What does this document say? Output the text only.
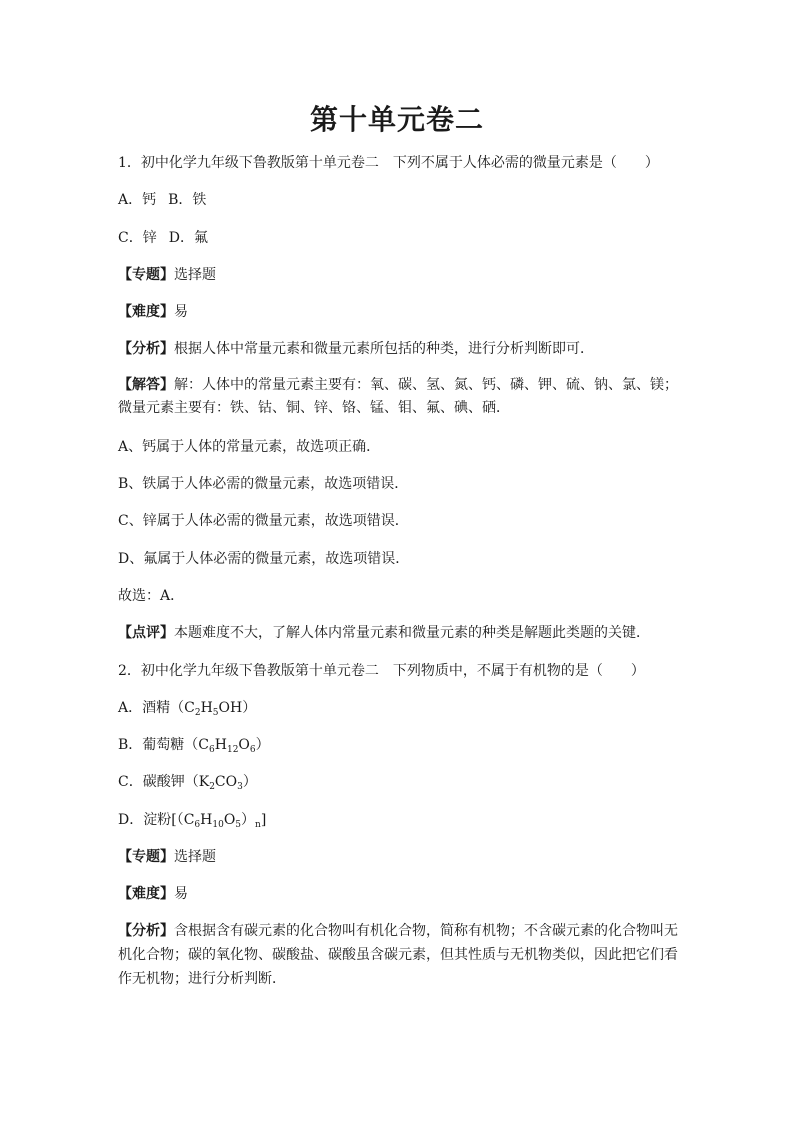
第十单元卷二
1．初中化学九年级下鲁教版第十单元卷二　下列不属于人体必需的微量元素是（　　）
A．钙 B．铁
C．锌 D．氟
【专题】选择题
【难度】易
【分析】根据人体中常量元素和微量元素所包括的种类，进行分析判断即可．
【解答】解：人体中的常量元素主要有：氧、碳、氢、氮、钙、磷、钾、硫、钠、氯、镁；微量元素主要有：铁、钴、铜、锌、铬、锰、钼、氟、碘、硒．
A、钙属于人体的常量元素，故选项正确．
B、铁属于人体必需的微量元素，故选项错误．
C、锌属于人体必需的微量元素，故选项错误．
D、氟属于人体必需的微量元素，故选项错误．
故选：A．
【点评】本题难度不大，了解人体内常量元素和微量元素的种类是解题此类题的关键．
2．初中化学九年级下鲁教版第十单元卷二　下列物质中，不属于有机物的是（　　）
A．酒精$(C_2H_5OH)$
B．葡萄糖$(C_6H_{12}O_6)$
C．碳酸钾$(K_2CO_3)$
D．淀粉$[(C_6H_{10}O_5)_n]$
【专题】选择题
【难度】易
【分析】含根据含有碳元素的化合物叫有机化合物，简称有机物；不含碳元素的化合物叫无机化合物；碳的氧化物、碳酸盐、碳酸虽含碳元素，但其性质与无机物类似，因此把它们看作无机物；进行分析判断．
